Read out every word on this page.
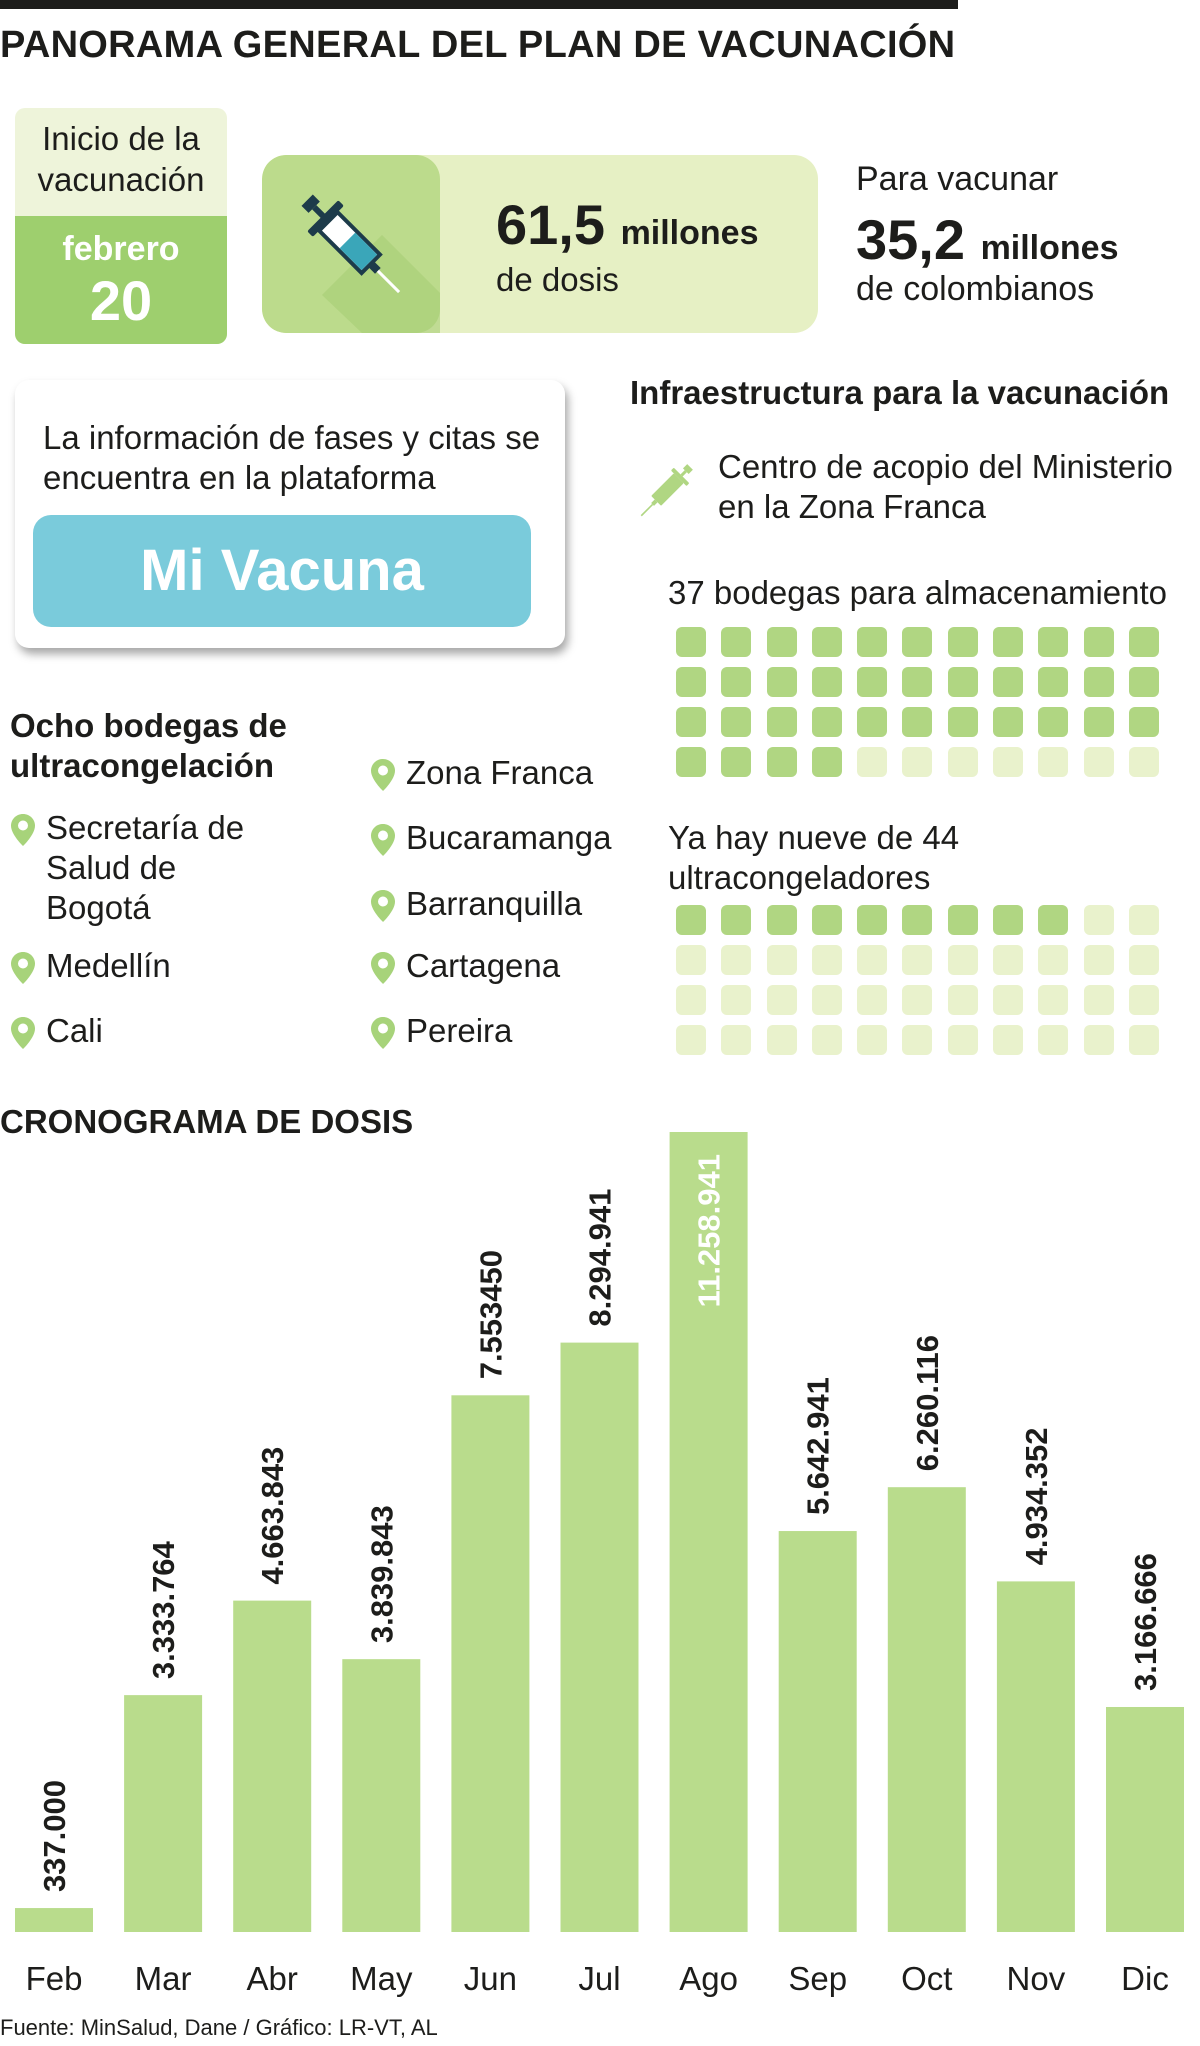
PANORAMA GENERAL DEL PLAN DE VACUNACIÓN
Inicio de la vacunación
febrero
20
61,5 millones
de dosis
Para vacunar
35,2 millones
de colombianos
La información de fases y citas se encuentra en la plataforma
Mi Vacuna
Infraestructura para la vacunación
Centro de acopio del Ministerio en la Zona Franca
37 bodegas para almacenamiento
Ya hay nueve de 44 ultracongeladores
Ocho bodegas de ultracongelación
Secretaría de Salud de Bogotá
Medellín
Cali
Zona Franca
Bucaramanga
Barranquilla
Cartagena
Pereira
CRONOGRAMA DE DOSIS
337.000
Feb
3.333.764
Mar
4.663.843
Abr
3.839.843
May
7.553450
Jun
8.294.941
Jul
11.258.941
Ago
5.642.941
Sep
6.260.116
Oct
4.934.352
Nov
3.166.666
Dic
Fuente: MinSalud, Dane / Gráfico: LR-VT, AL
